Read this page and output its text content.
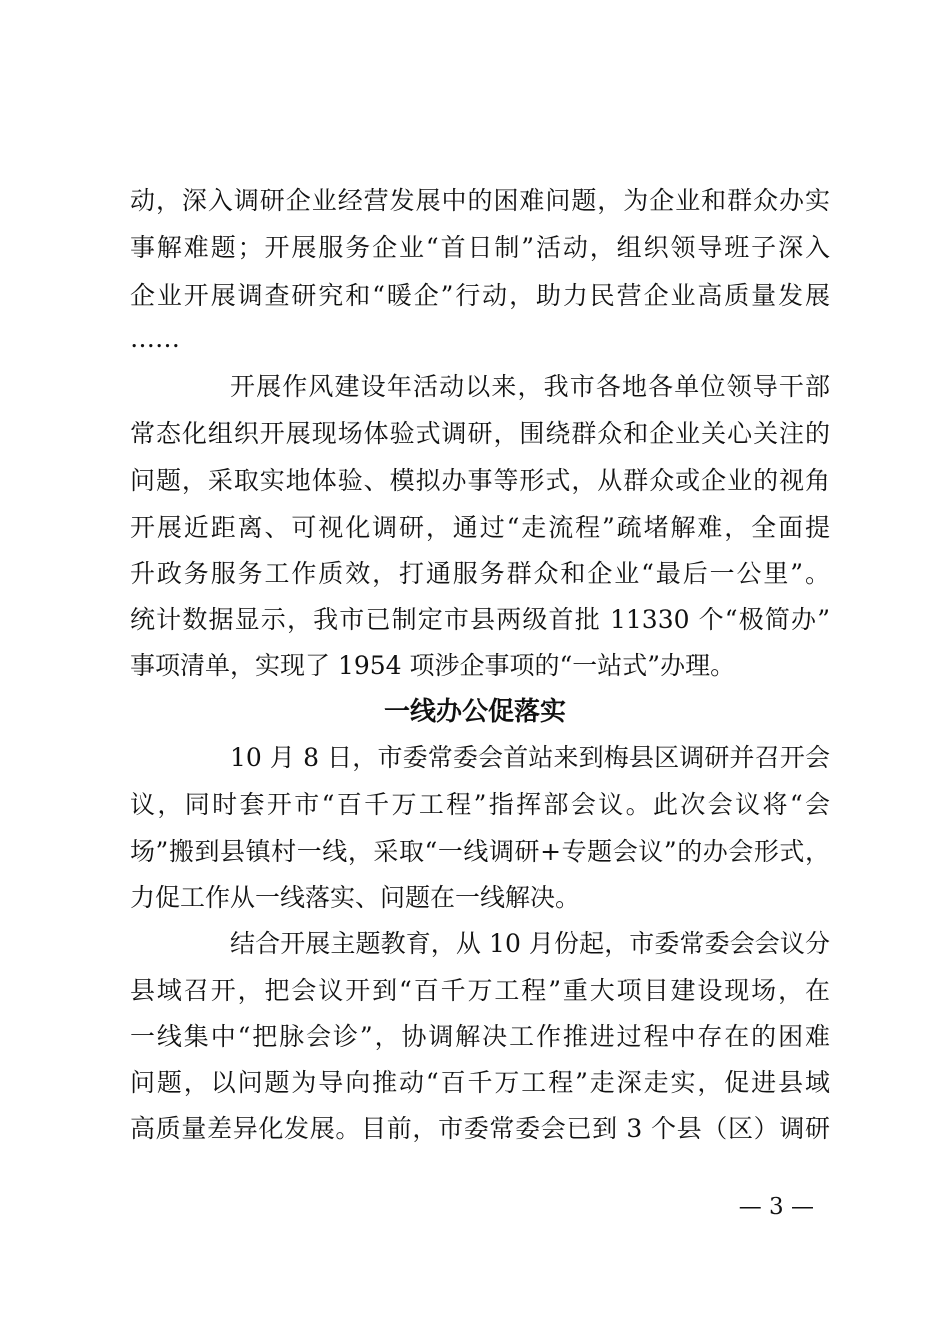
动，深入调研企业经营发展中的困难问题，为企业和群众办实
事解难题；开展服务企业“首日制”活动，组织领导班子深入
企业开展调查研究和“暖企”行动，助力民营企业高质量发展
……
开展作风建设年活动以来，我市各地各单位领导干部
常态化组织开展现场体验式调研，围绕群众和企业关心关注的
问题，采取实地体验、模拟办事等形式，从群众或企业的视角
开展近距离、可视化调研，通过“走流程”疏堵解难，全面提
升政务服务工作质效，打通服务群众和企业“最后一公里”。
统计数据显示，我市已制定市县两级首批 11330 个“极简办”
事项清单，实现了 1954 项涉企事项的“一站式”办理。
一线办公促落实
10 月 8 日，市委常委会首站来到梅县区调研并召开会
议，同时套开市“百千万工程”指挥部会议。此次会议将“会
场”搬到县镇村一线，采取“一线调研+专题会议”的办会形式，
力促工作从一线落实、问题在一线解决。
结合开展主题教育，从 10 月份起，市委常委会会议分
县域召开，把会议开到“百千万工程”重大项目建设现场，在
一线集中“把脉会诊”，协调解决工作推进过程中存在的困难
问题，以问题为导向推动“百千万工程”走深走实，促进县域
高质量差异化发展。目前，市委常委会已到 3 个县（区）调研
— 3 —
